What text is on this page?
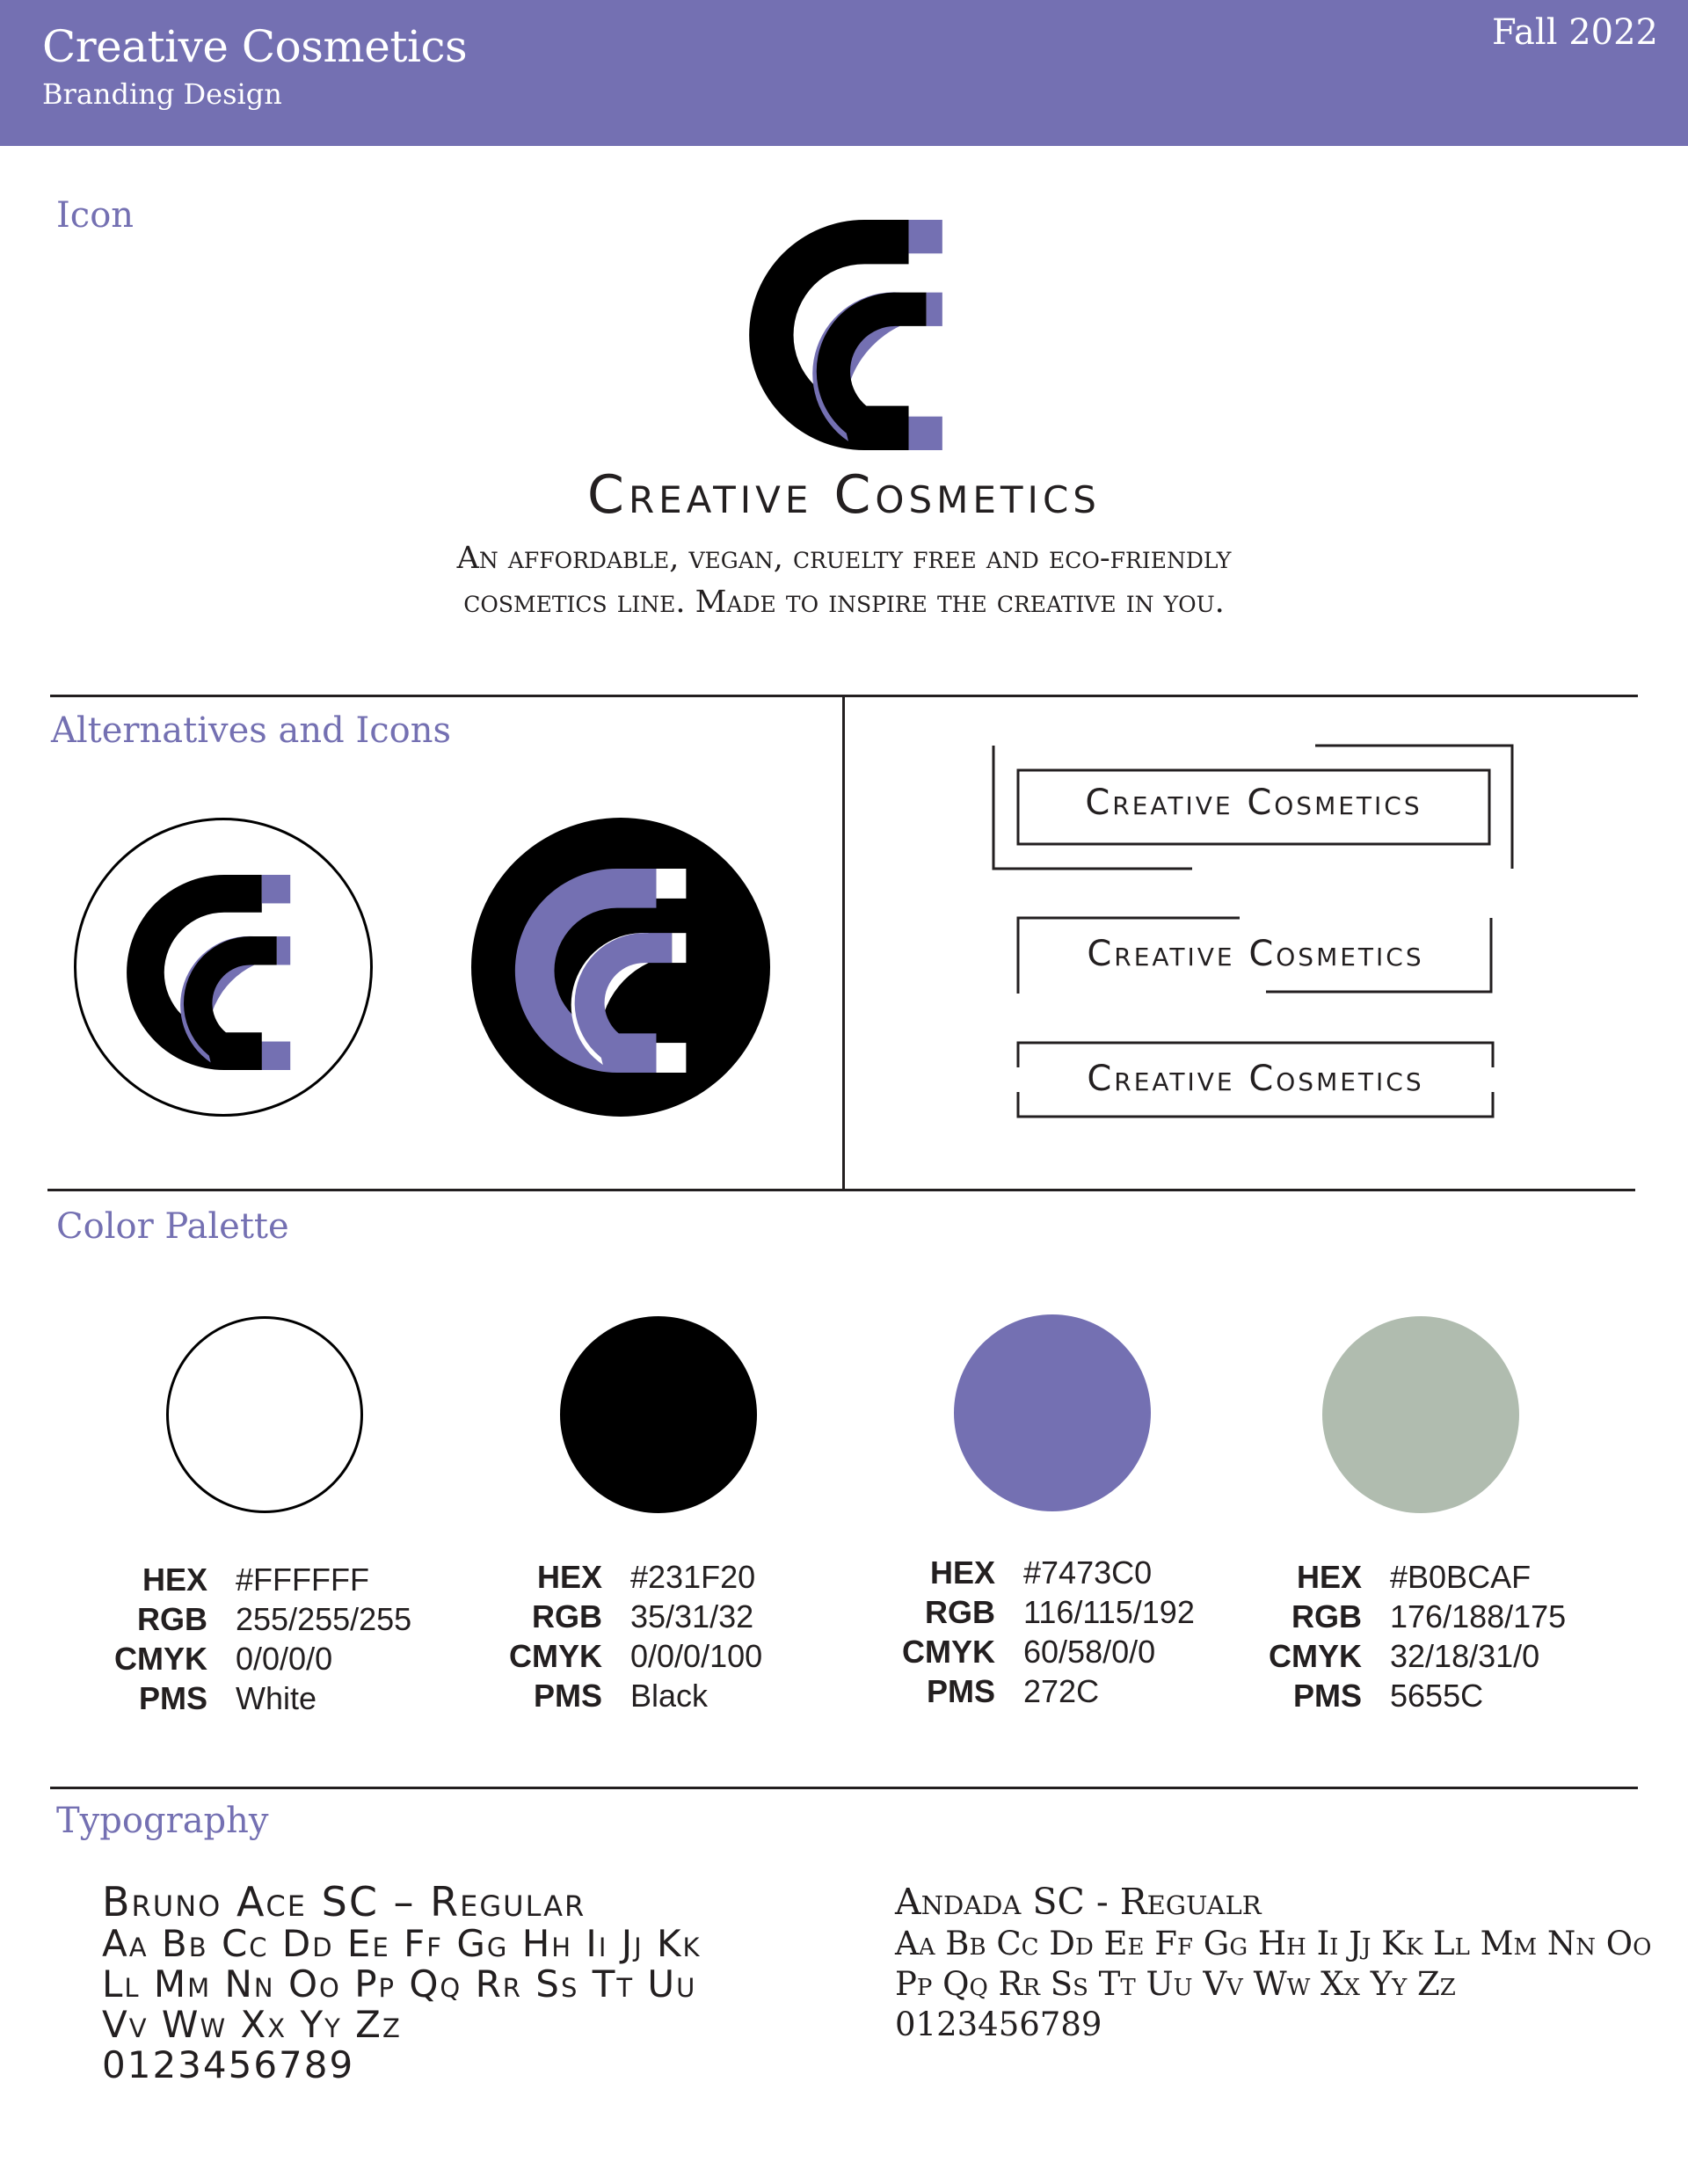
Creative Cosmetics
Branding Design
Fall 2022
Icon
Creative Cosmetics
An affordable, vegan, cruelty free and eco-friendly
cosmetics line. Made to inspire the creative in you.
Alternatives and Icons
Creative Cosmetics
Creative Cosmetics
Creative Cosmetics
Color Palette
HEX #FFFFFF
RGB 255/255/255
CMYK 0/0/0/0
PMS White
HEX #231F20
RGB 35/31/32
CMYK 0/0/0/100
PMS Black
HEX #7473C0
RGB 116/115/192
CMYK 60/58/0/0
PMS 272C
HEX #B0BCAF
RGB 176/188/175
CMYK 32/18/31/0
PMS 5655C
Typography
Bruno Ace SC – Regular
Aa Bb Cc Dd Ee Ff Gg Hh Ii Jj Kk
Ll Mm Nn Oo Pp Qq Rr Ss Tt Uu
Vv Ww Xx Yy Zz
0123456789
Andada SC - Regualr
Aa Bb Cc Dd Ee Ff Gg Hh Ii Jj Kk Ll Mm Nn Oo
Pp Qq Rr Ss Tt Uu Vv Ww Xx Yy Zz
0123456789
